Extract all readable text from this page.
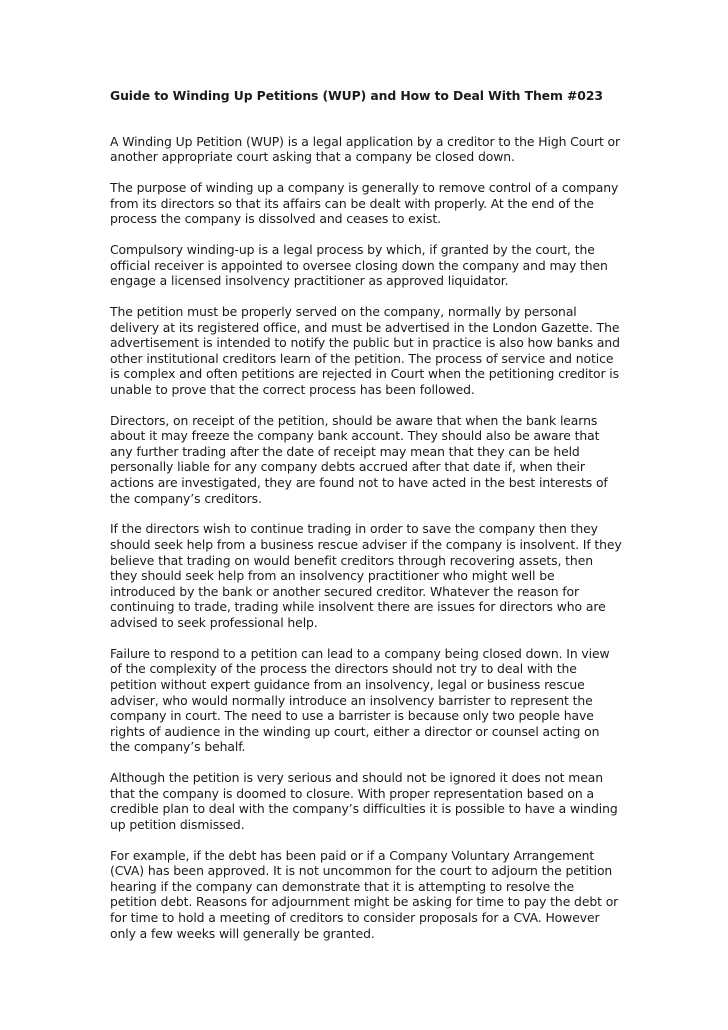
Guide to Winding Up Petitions (WUP) and How to Deal With Them #023

A Winding Up Petition (WUP) is a legal application by a creditor to the High Court or another appropriate court asking that a company be closed down.

The purpose of winding up a company is generally to remove control of a company from its directors so that its affairs can be dealt with properly. At the end of the process the company is dissolved and ceases to exist.

Compulsory winding-up is a legal process by which, if granted by the court, the official receiver is appointed to oversee closing down the company and may then engage a licensed insolvency practitioner as approved liquidator.

The petition must be properly served on the company, normally by personal delivery at its registered office, and must be advertised in the London Gazette. The advertisement is intended to notify the public but in practice is also how banks and other institutional creditors learn of the petition. The process of service and notice is complex and often petitions are rejected in Court when the petitioning creditor is unable to prove that the correct process has been followed.

Directors, on receipt of the petition, should be aware that when the bank learns about it may freeze the company bank account. They should also be aware that any further trading after the date of receipt may mean that they can be held personally liable for any company debts accrued after that date if, when their actions are investigated, they are found not to have acted in the best interests of the company’s creditors.

If the directors wish to continue trading in order to save the company then they should seek help from a business rescue adviser if the company is insolvent. If they believe that trading on would benefit creditors through recovering assets, then they should seek help from an insolvency practitioner who might well be introduced by the bank or another secured creditor. Whatever the reason for continuing to trade, trading while insolvent there are issues for directors who are advised to seek professional help.

Failure to respond to a petition can lead to a company being closed down. In view of the complexity of the process the directors should not try to deal with the petition without expert guidance from an insolvency, legal or business rescue adviser, who would normally introduce an insolvency barrister to represent the company in court. The need to use a barrister is because only two people have rights of audience in the winding up court, either a director or counsel acting on the company’s behalf.

Although the petition is very serious and should not be ignored it does not mean that the company is doomed to closure. With proper representation based on a credible plan to deal with the company’s difficulties it is possible to have a winding up petition dismissed.

For example, if the debt has been paid or if a Company Voluntary Arrangement (CVA) has been approved. It is not uncommon for the court to adjourn the petition hearing if the company can demonstrate that it is attempting to resolve the petition debt. Reasons for adjournment might be asking for time to pay the debt or for time to hold a meeting of creditors to consider proposals for a CVA. However only a few weeks will generally be granted.
